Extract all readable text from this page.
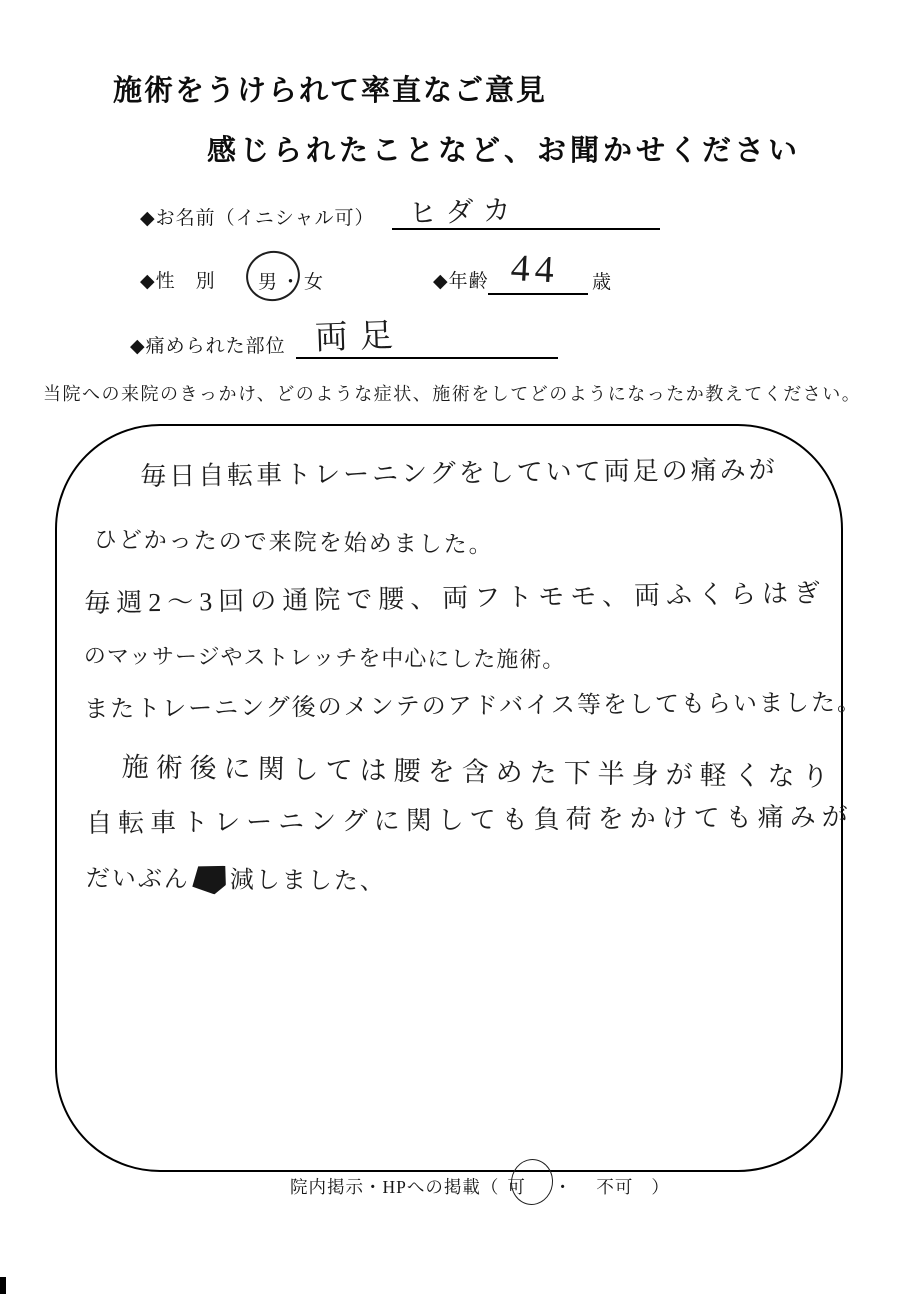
施術をうけられて率直なご意見
感じられたことなど、お聞かせください
◆お名前（イニシャル可） ヒダカ
◆性　別 男・女	◆年齢 44 歳
◆痛められた部位 両足
当院への来院のきっかけ、どのような症状、施術をしてどのようになったか教えてください。
毎日自転車トレーニングをしていて両足の痛みが
ひどかったので来院を始めました。
毎週2〜3回の通院で腰、両フトモモ、両ふくらはぎ
のマッサージやストレッチを中心にした施術。
またトレーニング後のメンテのアドバイス等をしてもらいました。
施術後に関しては腰を含めた下半身が軽くなり
自転車トレーニングに関しても負荷をかけても痛みが
だいぶん 減しました、
院内掲示・HPへの掲載（ 可 ・ 不可 ）
